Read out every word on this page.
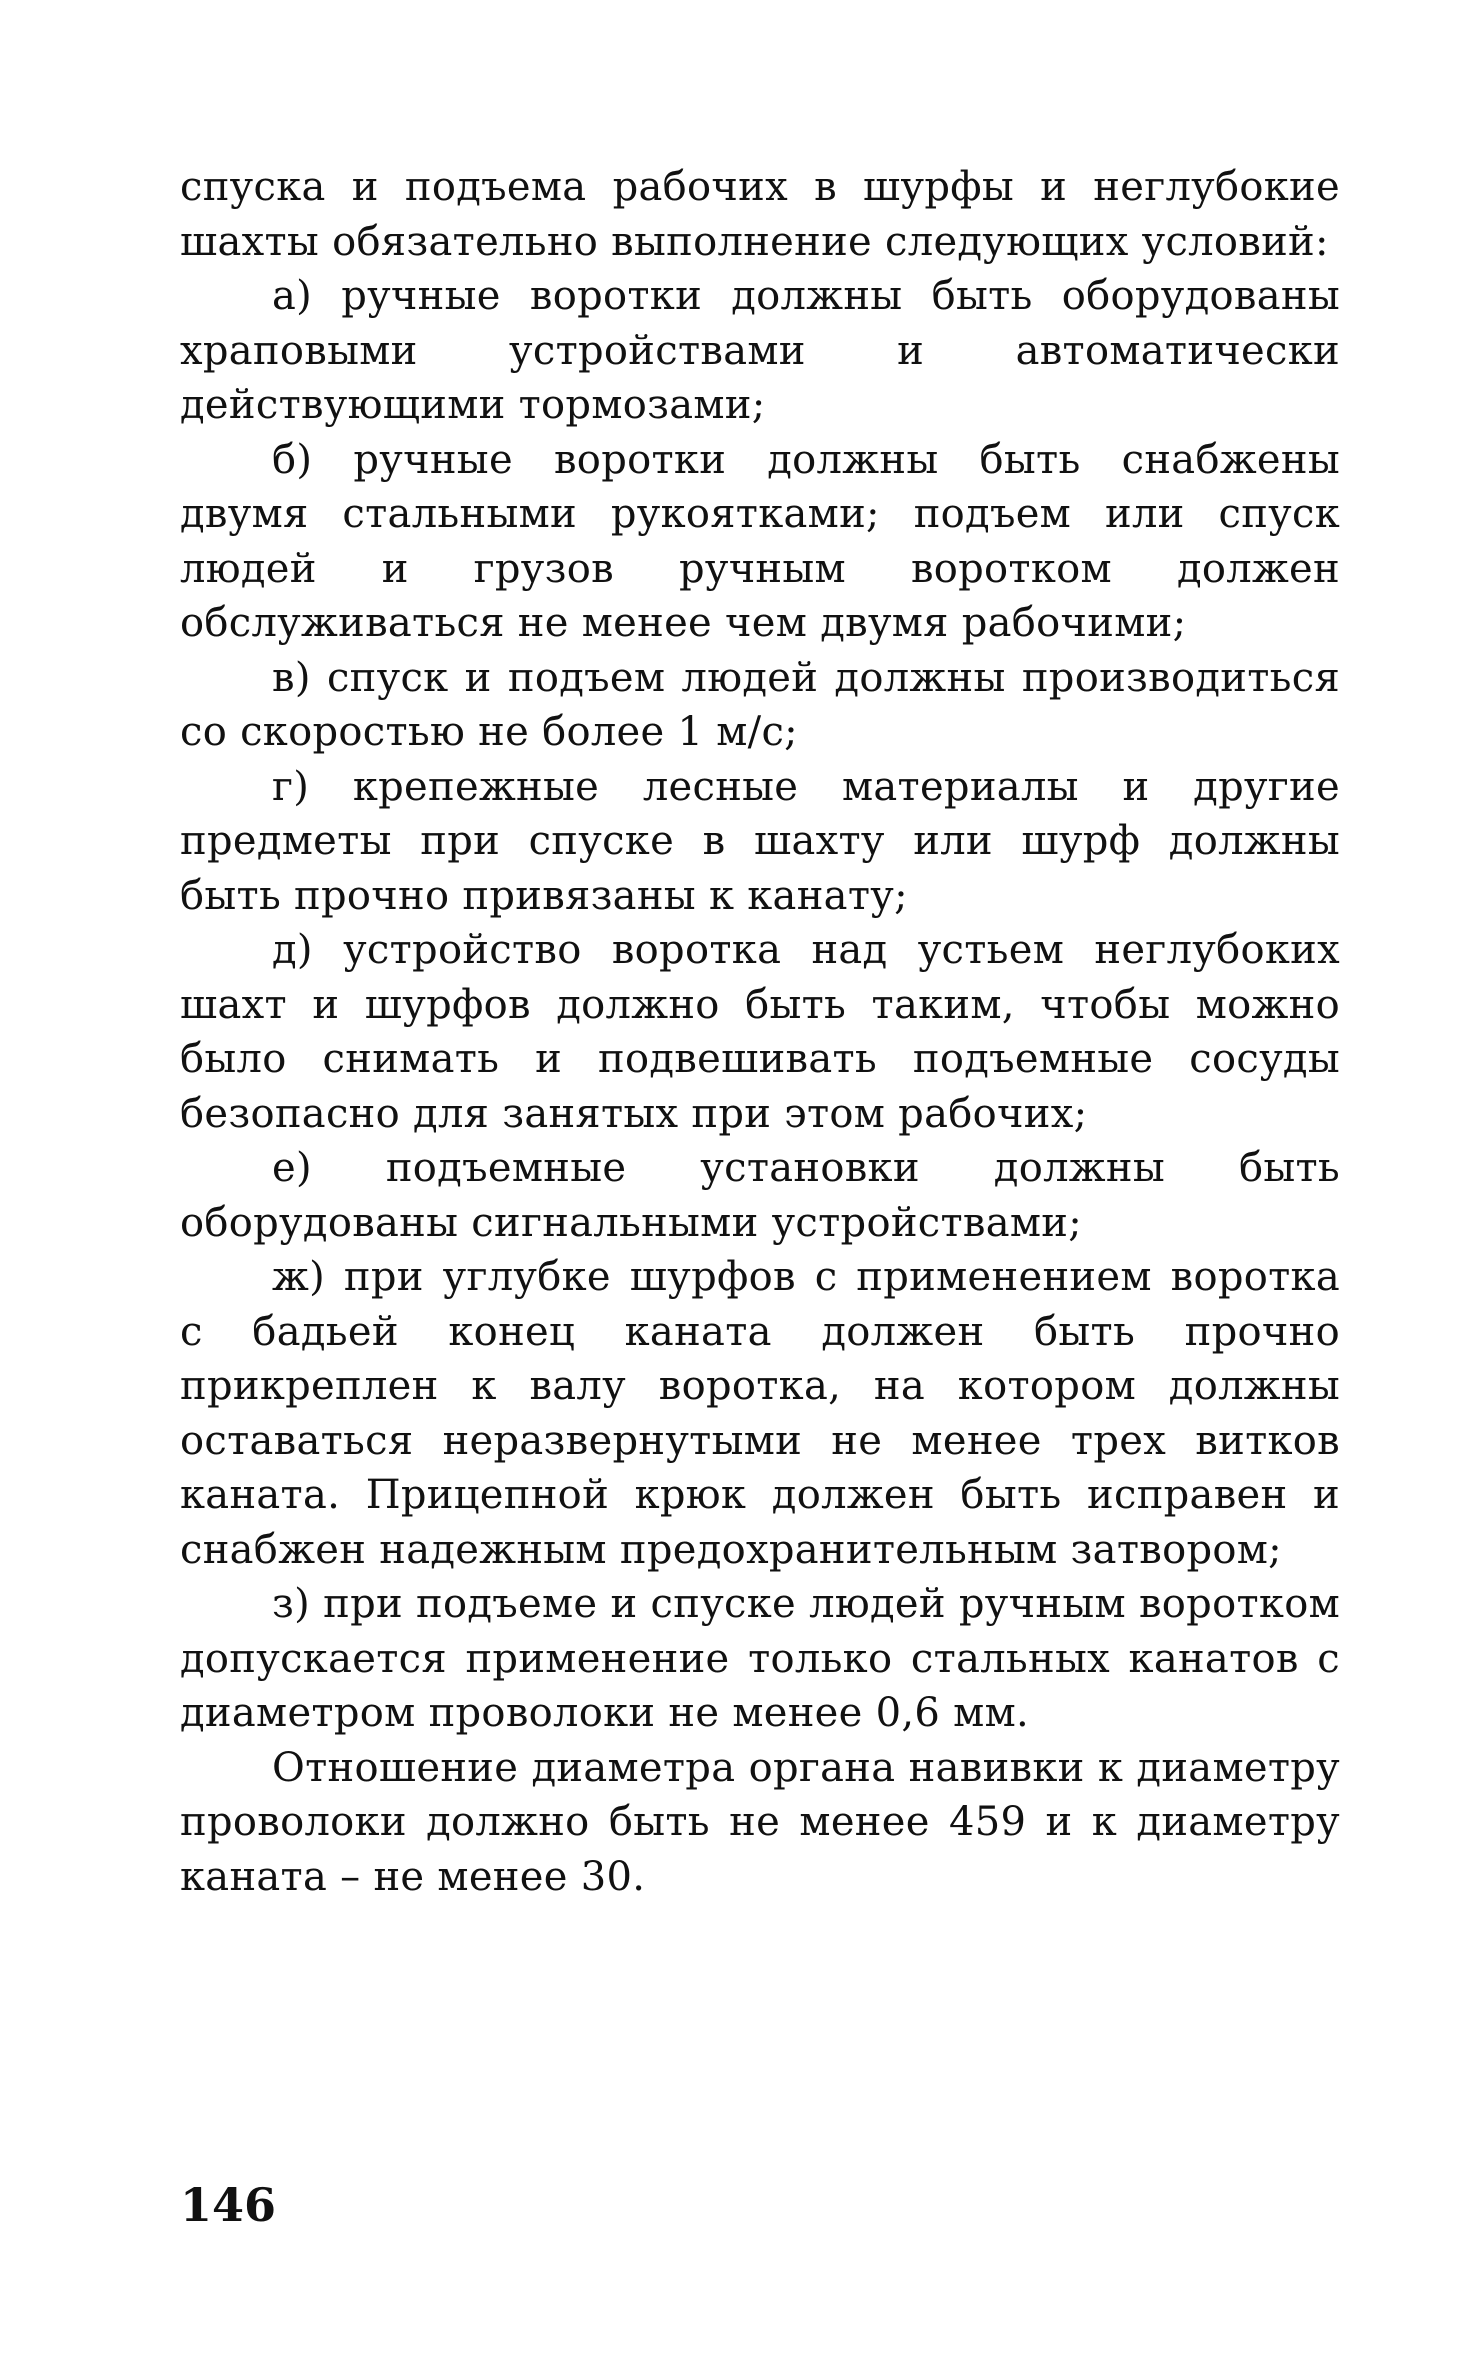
спуска и подъема рабочих в шурфы и неглубокие шахты обязательно выполнение следующих условий:

а) ручные воротки должны быть оборудованы храповыми устройствами и автоматически действующими тормозами;

б) ручные воротки должны быть снабжены двумя стальными рукоятками; подъем или спуск людей и грузов ручным воротком должен обслуживаться не менее чем двумя рабочими;

в) спуск и подъем людей должны производиться со скоростью не более 1 м/с;

г) крепежные лесные материалы и другие предметы при спуске в шахту или шурф должны быть прочно привязаны к канату;

д) устройство воротка над устьем неглубоких шахт и шурфов должно быть таким, чтобы можно было снимать и подвешивать подъемные сосуды безопасно для занятых при этом рабочих;

е) подъемные установки должны быть оборудованы сигнальными устройствами;

ж) при углубке шурфов с применением воротка с бадьей конец каната должен быть прочно прикреплен к валу воротка, на котором должны оставаться неразвернутыми не менее трех витков каната. Прицепной крюк должен быть исправен и снабжен надежным предохранительным затвором;

з) при подъеме и спуске людей ручным воротком допускается применение только стальных канатов с диаметром проволоки не менее 0,6 мм.

Отношение диаметра органа навивки к диаметру проволоки должно быть не менее 459 и к диаметру каната – не менее 30.

146
